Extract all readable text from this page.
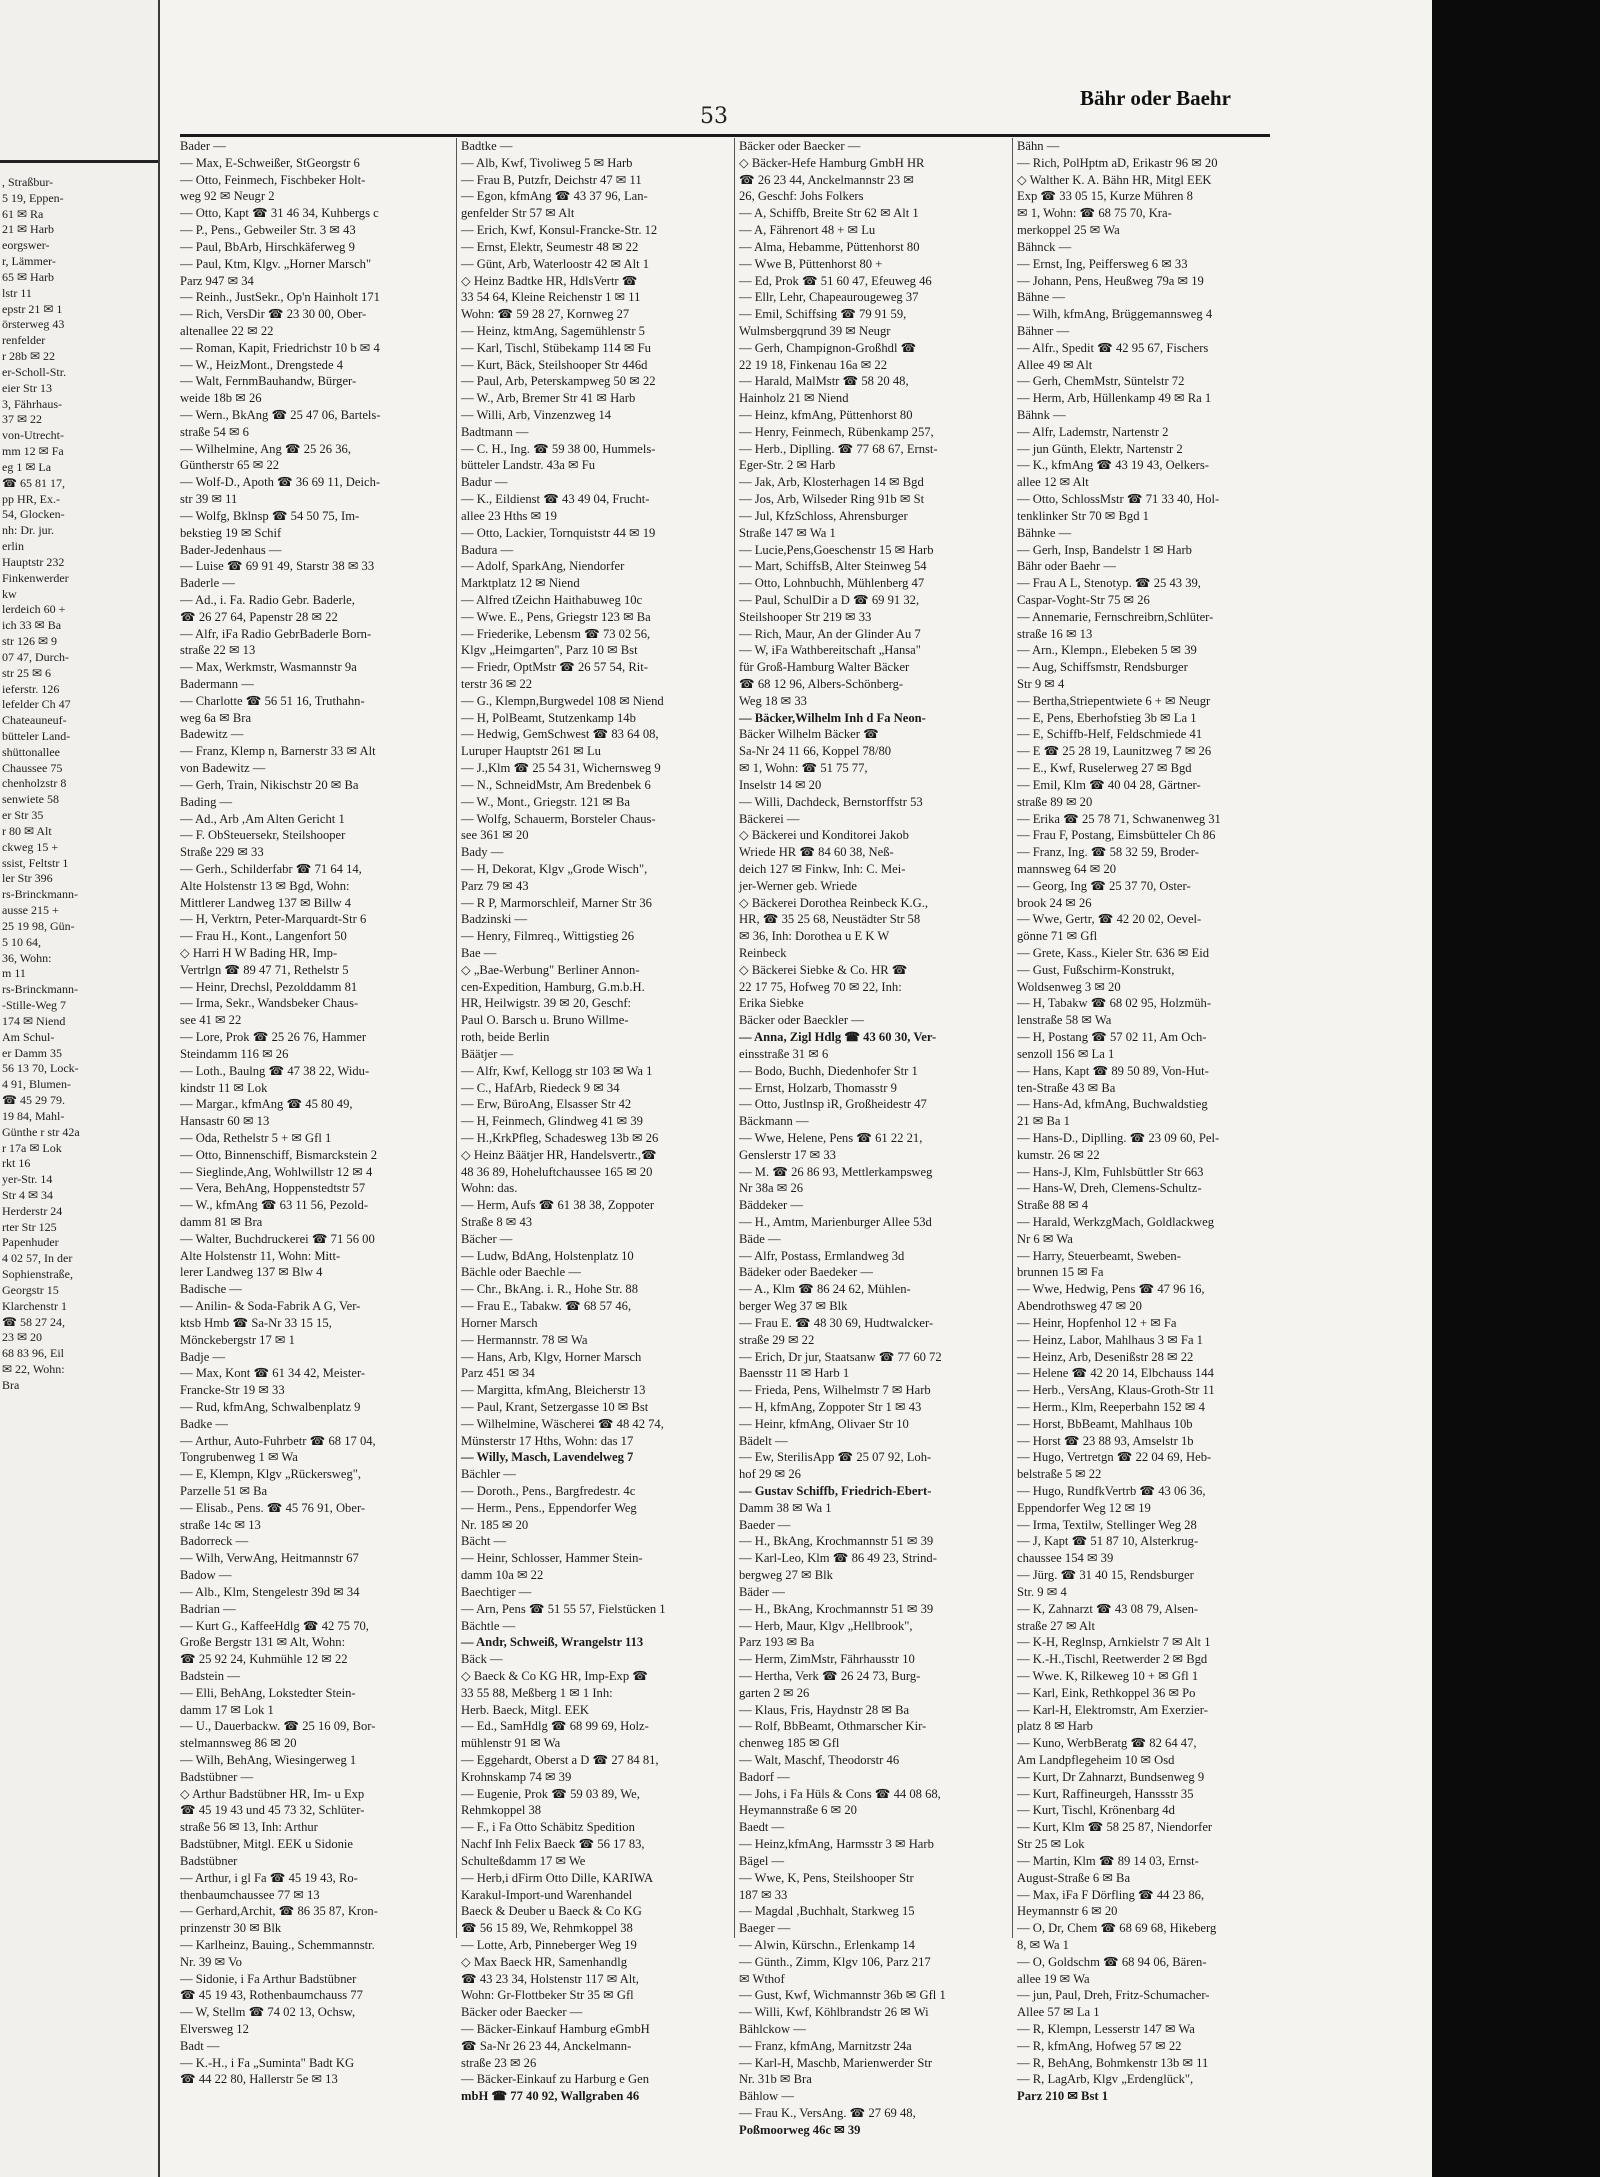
, Straßbur-
5 19, Eppen-
61 ✉ Ra
21 ✉ Harb
eorgswer-
r, Lämmer-
65 ✉ Harb
lstr 11
ерstr 21 ✉ 1
örsterweg 43
renfelder
r 28b ✉ 22
er-Scholl-Str.
eier Str 13
3, Fährhaus-
37 ✉ 22
von-Utrecht-
mm 12 ✉ Fa
eg 1 ✉ La
☎ 65 81 17,
pp HR, Ex.-
54, Glocken-
nh: Dr. jur.
erlin
Hauptstr 232
Finkenwerder
kw
lerdeich 60 +
ich 33 ✉ Ba
str 126 ✉ 9
07 47, Durch-
str 25 ✉ 6
ieferstr. 126
lefelder Ch 47
Chateauneuf-
bütteler Land-
shüttonallee
Chaussee 75
chenholzstr 8
senwiete 58
er Str 35
r 80 ✉ Alt
ckweg 15 +
ssist, Feltstr 1
ler Str 396
rs-Brinckmann-
ausse 215 +
25 19 98, Gün-
5 10 64,
36, Wohn:
m 11
rs-Brinckmann-
-Stille-Weg 7
174 ✉ Niend
Am Schul-
er Damm 35
56 13 70, Lock-
4 91, Blumen-
☎ 45 29 79.
19 84, Mahl-
Günthe r str 42a
r 17a ✉ Lok
rkt 16
yer-Str. 14
Str 4 ✉ 34
Herderstr 24
rter Str 125
Papenhuder
4 02 57, In der
Sophienstraße,
Georgstr 15
Klarchenstr 1
☎ 58 27 24,
23 ✉ 20
68 83 96, Eil
✉ 22, Wohn:
Bra
53
Bähr oder Baehr
Bader —
— Max, E-Schweißer, StGeorgstr 6
— Otto, Feinmech, Fischbeker Holt-
weg 92 ✉ Neugr 2
— Otto, Kapt ☎ 31 46 34, Kuhbergs c
— P., Pens., Gebweiler Str. 3 ✉ 43
— Paul, BbArb, Hirschkäferweg 9
— Paul, Ktm, Klgv. „Horner Marsch"
Parz 947 ✉ 34
— Reinh., JustSekr., Op'n Hainholt 171
— Rich, VersDir ☎ 23 30 00, Ober-
altenallee 22 ✉ 22
— Roman, Kapit, Friedrichstr 10 b ✉ 4
— W., HeizMont., Drengstede 4
— Walt, FernmBauhandw, Bürger-
weide 18b ✉ 26
— Wern., BkAng ☎ 25 47 06, Bartels-
straße 54 ✉ 6
— Wilhelmine, Ang ☎ 25 26 36,
Güntherstr 65 ✉ 22
— Wolf-D., Apoth ☎ 36 69 11, Deich-
str 39 ✉ 11
— Wolfg, Bklnsp ☎ 54 50 75, Im-
bekstieg 19 ✉ Schif
Bader-Jedenhaus —
— Luise ☎ 69 91 49, Starstr 38 ✉ 33
Baderle —
— Ad., i. Fa. Radio Gebr. Baderle,
☎ 26 27 64, Papenstr 28 ✉ 22
— Alfr, iFa Radio GebrBaderle Born-
straße 22 ✉ 13
— Max, Werkmstr, Wasmannstr 9a
Badermann —
— Charlotte ☎ 56 51 16, Truthahn-
weg 6a ✉ Bra
Badewitz —
— Franz, Klemp n, Barnerstr 33 ✉ Alt
von Badewitz —
— Gerh, Train, Nikischstr 20 ✉ Ba
Bading —
— Ad., Arb ,Am Alten Gericht 1
— F. ObSteuersekr, Steilshooper
Straße 229 ✉ 33
— Gerh., Schilderfabr ☎ 71 64 14,
Alte Holstenstr 13 ✉ Bgd, Wohn:
Mittlerer Landweg 137 ✉ Billw 4
— H, Verktrn, Peter-Marquardt-Str 6
— Frau H., Kont., Langenfort 50
◇ Harri H W Bading HR, Imp-
Vertrlgn ☎ 89 47 71, Rethelstr 5
— Heinr, Drechsl, Pezolddamm 81
— Irma, Sekr., Wandsbeker Chaus-
see 41 ✉ 22
— Lore, Prok ☎ 25 26 76, Hammer
Steindamm 116 ✉ 26
— Loth., Baulng ☎ 47 38 22, Widu-
kindstr 11 ✉ Lok
— Margar., kfmAng ☎ 45 80 49,
Hansastr 60 ✉ 13
— Oda, Rethelstr 5 + ✉ Gfl 1
— Otto, Binnenschiff, Bismarckstein 2
— Sieglinde,Ang, Wohlwillstr 12 ✉ 4
— Vera, BehAng, Hoppenstedtstr 57
— W., kfmAng ☎ 63 11 56, Pezold-
damm 81 ✉ Bra
— Walter, Buchdruckerei ☎ 71 56 00
Alte Holstenstr 11, Wohn: Mitt-
lerer Landweg 137 ✉ Blw 4
Badische —
— Anilin- & Soda-Fabrik A G, Ver-
ktsb Hmb ☎ Sa-Nr 33 15 15,
Mönckebergstr 17 ✉ 1
Badje —
— Max, Kont ☎ 61 34 42, Meister-
Francke-Str 19 ✉ 33
— Rud, kfmAng, Schwalbenplatz 9
Badke —
— Arthur, Auto-Fuhrbetr ☎ 68 17 04,
Tongrubenweg 1 ✉ Wa
— E, Klempn, Klgv „Rückersweg",
Parzelle 51 ✉ Ba
— Elisab., Pens. ☎ 45 76 91, Ober-
straße 14c ✉ 13
Badorreck —
— Wilh, VerwAng, Heitmannstr 67
Badow —
— Alb., Klm, Stengelestr 39d ✉ 34
Badrian —
— Kurt G., KaffeeHdlg ☎ 42 75 70,
Große Bergstr 131 ✉ Alt, Wohn:
☎ 25 92 24, Kuhmühle 12 ✉ 22
Badstein —
— Elli, BehAng, Lokstedter Stein-
damm 17 ✉ Lok 1
— U., Dauerbackw. ☎ 25 16 09, Bor-
stelmannsweg 86 ✉ 20
— Wilh, BehAng, Wiesingerweg 1
Badstübner —
◇ Arthur Badstübner HR, Im- u Exp
☎ 45 19 43 und 45 73 32, Schlüter-
straße 56 ✉ 13, Inh: Arthur
Badstübner, Mitgl. EEK u Sidonie
Badstübner
— Arthur, i gl Fa ☎ 45 19 43, Ro-
thenbaumchaussee 77 ✉ 13
— Gerhard,Archit, ☎ 86 35 87, Kron-
prinzenstr 30 ✉ Blk
— Karlheinz, Bauing., Schemmannstr.
Nr. 39 ✉ Vo
— Sidonie, i Fa Arthur Badstübner
☎ 45 19 43, Rothenbaumchauss 77
— W, Stellm ☎ 74 02 13, Ochsw,
Elversweg 12
Badt —
— K.-H., i Fa „Suminta" Badt KG
☎ 44 22 80, Hallerstr 5e ✉ 13
Badtke —
— Alb, Kwf, Tivoliweg 5 ✉ Harb
— Frau B, Putzfr, Deichstr 47 ✉ 11
— Egon, kfmAng ☎ 43 37 96, Lan-
genfelder Str 57 ✉ Alt
— Erich, Kwf, Konsul-Francke-Str. 12
— Ernst, Elektr, Seumestr 48 ✉ 22
— Günt, Arb, Waterloostr 42 ✉ Alt 1
◇ Heinz Badtke HR, HdlsVertr ☎
33 54 64, Kleine Reichenstr 1 ✉ 11
Wohn: ☎ 59 28 27, Kornweg 27
— Heinz, ktmAng, Sagemühlenstr 5
— Karl, Tischl, Stübekamp 114 ✉ Fu
— Kurt, Bäck, Steilshooper Str 446d
— Paul, Arb, Peterskampweg 50 ✉ 22
— W., Arb, Bremer Str 41 ✉ Harb
— Willi, Arb, Vinzenzweg 14
Badtmann —
— C. H., Ing. ☎ 59 38 00, Hummels-
bütteler Landstr. 43a ✉ Fu
Badur —
— K., Eildienst ☎ 43 49 04, Frucht-
allee 23 Hths ✉ 19
— Otto, Lackier, Tornquiststr 44 ✉ 19
Badura —
— Adolf, SparkAng, Niendorfer
Marktplatz 12 ✉ Niend
— Alfred tZeichn Haithabuweg 10c
— Wwe. E., Pens, Griegstr 123 ✉ Ba
— Friederike, Lebensm ☎ 73 02 56,
Klgv „Heimgarten", Parz 10 ✉ Bst
— Friedr, OptMstr ☎ 26 57 54, Rit-
terstr 36 ✉ 22
— G., Klempn,Burgwedel 108 ✉ Niend
— H, PolBeamt, Stutzenkamp 14b
— Hedwig, GemSchwest ☎ 83 64 08,
Luruper Hauptstr 261 ✉ Lu
— J.,Klm ☎ 25 54 31, Wichernsweg 9
— N., SchneidMstr, Am Bredenbek 6
— W., Mont., Griegstr. 121 ✉ Ba
— Wolfg, Schauerm, Borsteler Chaus-
see 361 ✉ 20
Bady —
— H, Dekorat, Klgv „Grode Wisch",
Parz 79 ✉ 43
— R P, Marmorschleif, Marner Str 36
Badzinski —
— Henry, Filmreq., Wittigstieg 26
Bae —
◇ „Bae-Werbung" Berliner Annon-
cen-Expedition, Hamburg, G.m.b.H.
HR, Heilwigstr. 39 ✉ 20, Geschf:
Paul O. Barsch u. Bruno Willme-
roth, beide Berlin
Bäätjer —
— Alfr, Kwf, Kellogg str 103 ✉ Wa 1
— C., HafArb, Riedeck 9 ✉ 34
— Erw, BüroAng, Elsasser Str 42
— H, Feinmech, Glindweg 41 ✉ 39
— H.,KrkPfleg, Schadesweg 13b ✉ 26
◇ Heinz Bäätjer HR, Handelsvertr.,☎
48 36 89, Hoheluftchaussee 165 ✉ 20
Wohn: das.
— Herm, Aufs ☎ 61 38 38, Zoppoter
Straße 8 ✉ 43
Bächer —
— Ludw, BdAng, Holstenplatz 10
Bächle oder Baechle —
— Chr., BkAng. i. R., Hohe Str. 88
— Frau E., Tabakw. ☎ 68 57 46,
Horner Marsch
— Hermannstr. 78 ✉ Wa
— Hans, Arb, Klgv, Horner Marsch
Parz 451 ✉ 34
— Margitta, kfmAng, Bleicherstr 13
— Paul, Krant, Setzergasse 10 ✉ Bst
— Wilhelmine, Wäscherei ☎ 48 42 74,
Münsterstr 17 Hths, Wohn: das 17
— Willy, Masch, Lavendelweg 7
Bächler —
— Doroth., Pens., Bargfredestr. 4c
— Herm., Pens., Eppendorfer Weg
Nr. 185 ✉ 20
Bächt —
— Heinr, Schlosser, Hammer Stein-
damm 10a ✉ 22
Baechtiger —
— Arn, Pens ☎ 51 55 57, Fielstücken 1
Bächtle —
— Andr, Schweiß, Wrangelstr 113
Bäck —
◇ Baeck & Co KG HR, Imp-Exp ☎
33 55 88, Meßberg 1 ✉ 1 Inh:
Herb. Baeck, Mitgl. EEK
— Ed., SamHdlg ☎ 68 99 69, Holz-
mühlenstr 91 ✉ Wa
— Eggehardt, Oberst a D ☎ 27 84 81,
Krohnskamp 74 ✉ 39
— Eugenie, Prok ☎ 59 03 89, We,
Rehmkoppel 38
— F., i Fa Otto Schäbitz Spedition
Nachf Inh Felix Baeck ☎ 56 17 83,
Schulteßdamm 17 ✉ We
— Herb,i dFirm Otto Dille, KARIWA
Karakul-Import-und Warenhandel
Baeck & Deuber u Baeck & Co KG
☎ 56 15 89, We, Rehmkoppel 38
— Lotte, Arb, Pinneberger Weg 19
◇ Max Baeck HR, Samenhandlg
☎ 43 23 34, Holstenstr 117 ✉ Alt,
Wohn: Gr-Flottbeker Str 35 ✉ Gfl
Bäcker oder Baecker —
— Bäcker-Einkauf Hamburg eGmbH
☎ Sa-Nr 26 23 44, Anckelmann-
straße 23 ✉ 26
— Bäcker-Einkauf zu Harburg e Gen
mbH ☎ 77 40 92, Wallgraben 46
Bäcker oder Baecker —
◇ Bäcker-Hefe Hamburg GmbH HR
☎ 26 23 44, Anckelmannstr 23 ✉
26, Geschf: Johs Folkers
— A, Schiffb, Breite Str 62 ✉ Alt 1
— A, Fährenort 48 + ✉ Lu
— Alma, Hebamme, Püttenhorst 80
— Wwe B, Püttenhorst 80 +
— Ed, Prok ☎ 51 60 47, Efeuweg 46
— Ellr, Lehr, Chapeaurougeweg 37
— Emil, Schiffsing ☎ 79 91 59,
Wulmsbergqrund 39 ✉ Neugr
— Gerh, Champignon-Großhdl ☎
22 19 18, Finkenau 16a ✉ 22
— Harald, MalMstr ☎ 58 20 48,
Hainholz 21 ✉ Niend
— Heinz, kfmAng, Püttenhorst 80
— Henry, Feinmech, Rübenkamp 257,
— Herb., Diplling. ☎ 77 68 67, Ernst-
Eger-Str. 2 ✉ Harb
— Jak, Arb, Klosterhagen 14 ✉ Bgd
— Jos, Arb, Wilseder Ring 91b ✉ St
— Jul, KfzSchloss, Ahrensburger
Straße 147 ✉ Wa 1
— Lucie,Pens,Goeschenstr 15 ✉ Harb
— Mart, SchiffsB, Alter Steinweg 54
— Otto, Lohnbuchh, Mühlenberg 47
— Paul, SchulDir a D ☎ 69 91 32,
Steilshooper Str 219 ✉ 33
— Rich, Maur, An der Glinder Au 7
— W, iFa Wathbereitschaft „Hansa"
für Groß-Hamburg Walter Bäcker
☎ 68 12 96, Albers-Schönberg-
Weg 18 ✉ 33
— Bäcker,Wilhelm Inh d Fa Neon-
Bäcker Wilhelm Bäcker ☎
Sa-Nr 24 11 66, Koppel 78/80
✉ 1, Wohn: ☎ 51 75 77,
Inselstr 14 ✉ 20
— Willi, Dachdeck, Bernstorffstr 53
Bäckerei —
◇ Bäckerei und Konditorei Jakob
Wriede HR ☎ 84 60 38, Neß-
deich 127 ✉ Finkw, Inh: C. Mei-
jer-Werner geb. Wriede
◇ Bäckerei Dorothea Reinbeck K.G.,
HR, ☎ 35 25 68, Neustädter Str 58
✉ 36, Inh: Dorothea u E K W
Reinbeck
◇ Bäckerei Siebke & Co. HR ☎
22 17 75, Hofweg 70 ✉ 22, Inh:
Erika Siebke
Bäcker oder Baeckler —
— Anna, Zigl Hdlg ☎ 43 60 30, Ver-
einsstraße 31 ✉ 6
— Bodo, Buchh, Diedenhofer Str 1
— Ernst, Holzarb, Thomasstr 9
— Otto, Justlnsp iR, Großheidestr 47
Bäckmann —
— Wwe, Helene, Pens ☎ 61 22 21,
Genslerstr 17 ✉ 33
— M. ☎ 26 86 93, Mettlerkampsweg
Nr 38a ✉ 26
Bäddeker —
— H., Amtm, Marienburger Allee 53d
Bäde —
— Alfr, Postass, Ermlandweg 3d
Bädeker oder Baedeker —
— A., Klm ☎ 86 24 62, Mühlen-
berger Weg 37 ✉ Blk
— Frau E. ☎ 48 30 69, Hudtwalcker-
straße 29 ✉ 22
— Erich, Dr jur, Staatsanw ☎ 77 60 72
Baensstr 11 ✉ Harb 1
— Frieda, Pens, Wilhelmstr 7 ✉ Harb
— H, kfmAng, Zoppoter Str 1 ✉ 43
— Heinr, kfmAng, Olivaer Str 10
Bädelt —
— Ew, SterilisApp ☎ 25 07 92, Loh-
hof 29 ✉ 26
— Gustav Schiffb, Friedrich-Ebert-
Damm 38 ✉ Wa 1
Baeder —
— H., BkAng, Krochmannstr 51 ✉ 39
— Karl-Leo, Klm ☎ 86 49 23, Strind-
bergweg 27 ✉ Blk
Bäder —
— H., BkAng, Krochmannstr 51 ✉ 39
— Herb, Maur, Klgv „Hellbrook",
Parz 193 ✉ Ba
— Herm, ZimMstr, Fährhausstr 10
— Hertha, Verk ☎ 26 24 73, Burg-
garten 2 ✉ 26
— Klaus, Fris, Haydnstr 28 ✉ Ba
— Rolf, BbBeamt, Othmarscher Kir-
chenweg 185 ✉ Gfl
— Walt, Maschf, Theodorstr 46
Badorf —
— Johs, i Fa Hüls & Cons ☎ 44 08 68,
Heymannstraße 6 ✉ 20
Baedt —
— Heinz,kfmAng, Harmsstr 3 ✉ Harb
Bägel —
— Wwe, K, Pens, Steilshooper Str
187 ✉ 33
— Magdal ,Buchhalt, Starkweg 15
Baeger —
— Alwin, Kürschn., Erlenkamp 14
— Günth., Zimm, Klgv 106, Parz 217
✉ Wthof
— Gust, Kwf, Wichmannstr 36b ✉ Gfl 1
— Willi, Kwf, Köhlbrandstr 26 ✉ Wi
Bählckow —
— Franz, kfmAng, Marnitzstr 24a
— Karl-H, Maschb, Marienwerder Str
Nr. 31b ✉ Bra
Bählow —
— Frau K., VersAng. ☎ 27 69 48,
Poßmoorweg 46c ✉ 39
Bähn —
— Rich, PolHptm aD, Erikastr 96 ✉ 20
◇ Walther K. A. Bähn HR, Mitgl EEK
Exp ☎ 33 05 15, Kurze Mühren 8
✉ 1, Wohn: ☎ 68 75 70, Kra-
merkoppel 25 ✉ Wa
Bähnck —
— Ernst, Ing, Peiffersweg 6 ✉ 33
— Johann, Pens, Heußweg 79a ✉ 19
Bähne —
— Wilh, kfmAng, Brüggemannsweg 4
Bähner —
— Alfr., Spedit ☎ 42 95 67, Fischers
Allee 49 ✉ Alt
— Gerh, ChemMstr, Süntelstr 72
— Herm, Arb, Hüllenkamp 49 ✉ Ra 1
Bähnk —
— Alfr, Lademstr, Nartenstr 2
— jun Günth, Elektr, Nartenstr 2
— K., kfmAng ☎ 43 19 43, Oelkers-
allee 12 ✉ Alt
— Otto, SchlossMstr ☎ 71 33 40, Hol-
tenklinker Str 70 ✉ Bgd 1
Bähnke —
— Gerh, Insp, Bandelstr 1 ✉ Harb
Bähr oder Baehr —
— Frau A L, Stenotyp. ☎ 25 43 39,
Caspar-Voght-Str 75 ✉ 26
— Annemarie, Fernschreibrn,Schlüter-
straße 16 ✉ 13
— Arn., Klempn., Elebeken 5 ✉ 39
— Aug, Schiffsmstr, Rendsburger
Str 9 ✉ 4
— Bertha,Striepentwiete 6 + ✉ Neugr
— E, Pens, Eberhofstieg 3b ✉ La 1
— E, Schiffb-Helf, Feldschmiede 41
— E ☎ 25 28 19, Launitzweg 7 ✉ 26
— E., Kwf, Ruselerweg 27 ✉ Bgd
— Emil, Klm ☎ 40 04 28, Gärtner-
straße 89 ✉ 20
— Erika ☎ 25 78 71, Schwanenweg 31
— Frau F, Postang, Eimsbütteler Ch 86
— Franz, Ing. ☎ 58 32 59, Broder-
mannsweg 64 ✉ 20
— Georg, Ing ☎ 25 37 70, Oster-
brook 24 ✉ 26
— Wwe, Gertr, ☎ 42 20 02, Oevel-
gönne 71 ✉ Gfl
— Grete, Kass., Kieler Str. 636 ✉ Eid
— Gust, Fußschirm-Konstrukt,
Woldsenweg 3 ✉ 20
— H, Tabakw ☎ 68 02 95, Holzmüh-
lenstraße 58 ✉ Wa
— H, Postang ☎ 57 02 11, Am Och-
senzoll 156 ✉ La 1
— Hans, Kapt ☎ 89 50 89, Von-Hut-
ten-Straße 43 ✉ Ba
— Hans-Ad, kfmAng, Buchwaldstieg
21 ✉ Ba 1
— Hans-D., Diplling. ☎ 23 09 60, Pel-
kumstr. 26 ✉ 22
— Hans-J, Klm, Fuhlsbüttler Str 663
— Hans-W, Dreh, Clemens-Schultz-
Straße 88 ✉ 4
— Harald, WerkzgMach, Goldlackweg
Nr 6 ✉ Wa
— Harry, Steuerbeamt, Sweben-
brunnen 15 ✉ Fa
— Wwe, Hedwig, Pens ☎ 47 96 16,
Abendrothsweg 47 ✉ 20
— Heinr, Hopfenhol 12 + ✉ Fa
— Heinz, Labor, Mahlhaus 3 ✉ Fa 1
— Heinz, Arb, Desenißstr 28 ✉ 22
— Helene ☎ 42 20 14, Elbchauss 144
— Herb., VersAng, Klaus-Groth-Str 11
— Herm., Klm, Reeperbahn 152 ✉ 4
— Horst, BbBeamt, Mahlhaus 10b
— Horst ☎ 23 88 93, Amselstr 1b
— Hugo, Vertretgn ☎ 22 04 69, Heb-
belstraße 5 ✉ 22
— Hugo, RundfkVertrb ☎ 43 06 36,
Eppendorfer Weg 12 ✉ 19
— Irma, Textilw, Stellinger Weg 28
— J, Kapt ☎ 51 87 10, Alsterkrug-
chaussee 154 ✉ 39
— Jürg. ☎ 31 40 15, Rendsburger
Str. 9 ✉ 4
— K, Zahnarzt ☎ 43 08 79, Alsen-
straße 27 ✉ Alt
— K-H, Reglnsp, Arnkielstr 7 ✉ Alt 1
— K.-H.,Tischl, Reetwerder 2 ✉ Bgd
— Wwe. K, Rilkeweg 10 + ✉ Gfl 1
— Karl, Eink, Rethkoppel 36 ✉ Po
— Karl-H, Elektromstr, Am Exerzier-
platz 8 ✉ Harb
— Kuno, WerbBeratg ☎ 82 64 47,
Am Landpflegeheim 10 ✉ Osd
— Kurt, Dr Zahnarzt, Bundsenweg 9
— Kurt, Raffineurgeh, Hanssstr 35
— Kurt, Tischl, Krönenbarg 4d
— Kurt, Klm ☎ 58 25 87, Niendorfer
Str 25 ✉ Lok
— Martin, Klm ☎ 89 14 03, Ernst-
August-Straße 6 ✉ Ba
— Max, iFa F Dörfling ☎ 44 23 86,
Heymannstr 6 ✉ 20
— O, Dr, Chem ☎ 68 69 68, Hikeberg
8, ✉ Wa 1
— O, Goldschm ☎ 68 94 06, Bären-
allee 19 ✉ Wa
— jun, Paul, Dreh, Fritz-Schumacher-
Allee 57 ✉ La 1
— R, Klempn, Lesserstr 147 ✉ Wa
— R, kfmAng, Hofweg 57 ✉ 22
— R, BehAng, Bohmkenstr 13b ✉ 11
— R, LagArb, Klgv „Erdenglück",
Parz 210 ✉ Bst 1
